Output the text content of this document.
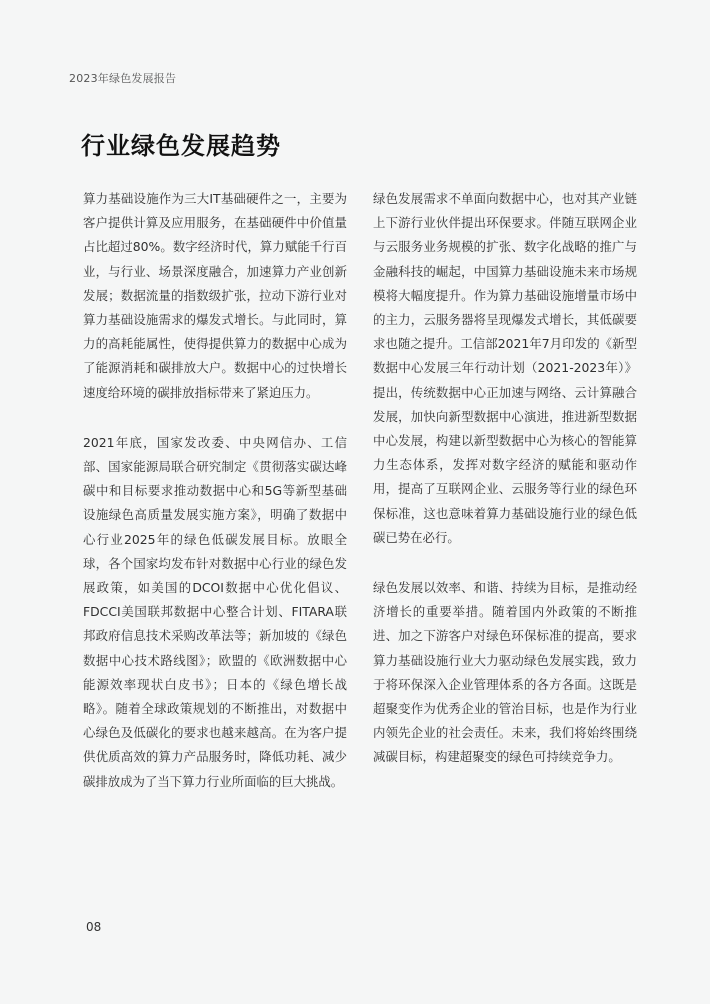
2023年绿色发展报告
行业绿色发展趋势

算力基础设施作为三大IT基础硬件之一，主要为客户提供计算及应用服务，在基础硬件中价值量占比超过80%。数字经济时代，算力赋能千行百业，与行业、场景深度融合，加速算力产业创新发展；数据流量的指数级扩张，拉动下游行业对算力基础设施需求的爆发式增长。与此同时，算力的高耗能属性，使得提供算力的数据中心成为了能源消耗和碳排放大户。数据中心的过快增长速度给环境的碳排放指标带来了紧迫压力。

2021年底，国家发改委、中央网信办、工信部、国家能源局联合研究制定《贯彻落实碳达峰碳中和目标要求推动数据中心和5G等新型基础设施绿色高质量发展实施方案》，明确了数据中心行业2025年的绿色低碳发展目标。放眼全球，各个国家均发布针对数据中心行业的绿色发展政策，如美国的DCOI数据中心优化倡议、FDCCI美国联邦数据中心整合计划、FITARA联邦政府信息技术采购改革法等；新加坡的《绿色数据中心技术路线图》；欧盟的《欧洲数据中心能源效率现状白皮书》；日本的《绿色增长战略》。随着全球政策规划的不断推出，对数据中心绿色及低碳化的要求也越来越高。在为客户提供优质高效的算力产品服务时，降低功耗、减少碳排放成为了当下算力行业所面临的巨大挑战。

绿色发展需求不单面向数据中心，也对其产业链上下游行业伙伴提出环保要求。伴随互联网企业与云服务业务规模的扩张、数字化战略的推广与金融科技的崛起，中国算力基础设施未来市场规模将大幅度提升。作为算力基础设施增量市场中的主力，云服务器将呈现爆发式增长，其低碳要求也随之提升。工信部2021年7月印发的《新型数据中心发展三年行动计划（2021-2023年）》提出，传统数据中心正加速与网络、云计算融合发展，加快向新型数据中心演进，推进新型数据中心发展，构建以新型数据中心为核心的智能算力生态体系，发挥对数字经济的赋能和驱动作用，提高了互联网企业、云服务等行业的绿色环保标准，这也意味着算力基础设施行业的绿色低碳已势在必行。

绿色发展以效率、和谐、持续为目标，是推动经济增长的重要举措。随着国内外政策的不断推进、加之下游客户对绿色环保标准的提高，要求算力基础设施行业大力驱动绿色发展实践，致力于将环保深入企业管理体系的各方各面。这既是超聚变作为优秀企业的管治目标，也是作为行业内领先企业的社会责任。未来，我们将始终围绕减碳目标，构建超聚变的绿色可持续竞争力。

08
